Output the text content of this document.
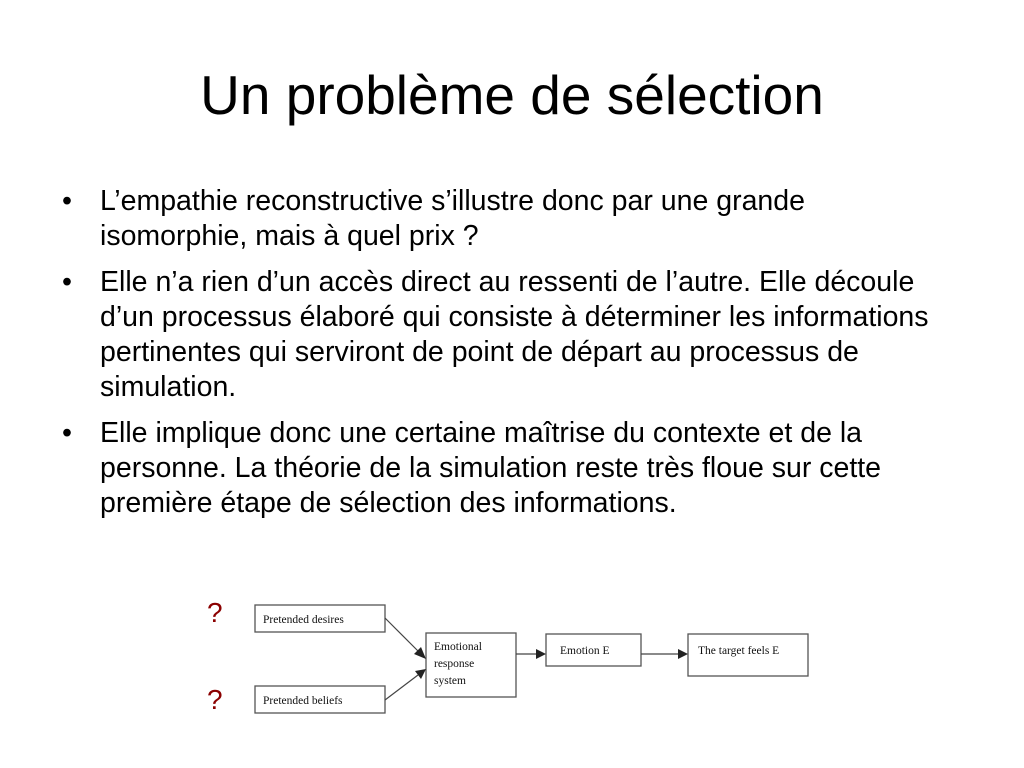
Un problème de sélection
• L’empathie reconstructive s’illustre donc par une grande isomorphie, mais à quel prix ?
• Elle n’a rien d’un accès direct au ressenti de l’autre. Elle découle d’un processus élaboré qui consiste à déterminer les informations pertinentes qui serviront de point de départ au processus de simulation.
• Elle implique donc une certaine maîtrise du contexte et de la personne. La théorie de la simulation reste très floue sur cette première étape de sélection des informations.
?
?
Pretended desires
Pretended beliefs
Emotional
response
system
Emotion E	The target feels E
